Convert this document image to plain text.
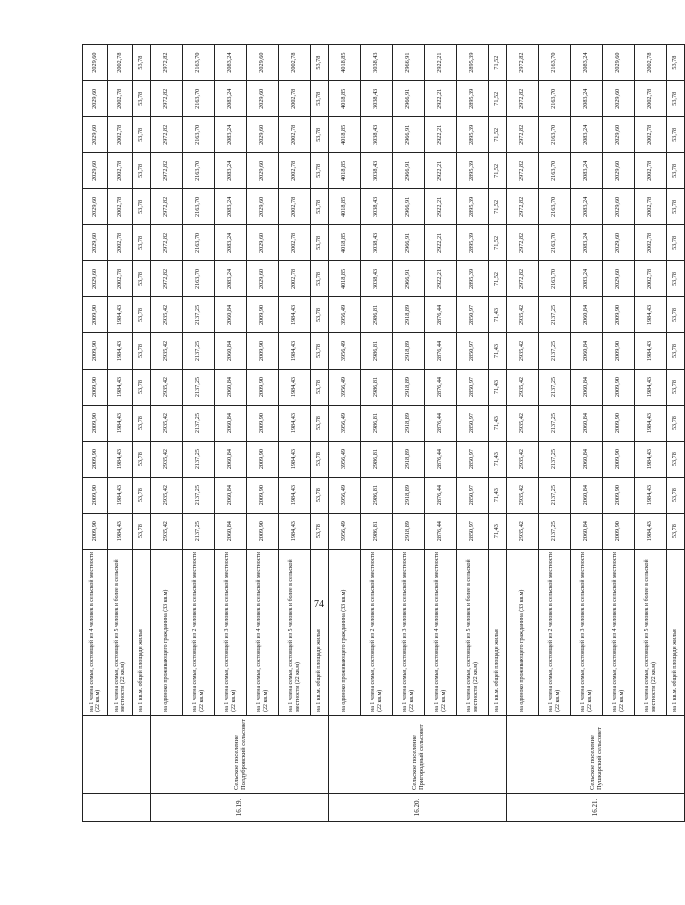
74
		на 1 члена семьи, состоящей из 4 человек в сельской местности (22 кв.м)	2009,90	2009,90	2009,90	2009,90	2009,90	2009,90	2009,90	2029,60	2029,60	2029,60	2029,60	2029,60	2029,60	2029,60
		на 1 члена семьи, состоящей из 5 человек и более в сельской местности (22 кв.м)	1984,43	1984,43	1984,43	1984,43	1984,43	1984,43	1984,43	2002,78	2002,78	2002,78	2002,78	2002,78	2002,78	2002,78
		на 1 кв.м. общей площади жилья	53,78	53,78	53,78	53,78	53,78	53,78	53,78	53,78	53,78	53,78	53,78	53,78	53,78	53,78
16.19.	Сельское поселение Полдубровский сельсовет	на одиноко проживающего гражданина (33 кв.м)	2935,42	2935,42	2935,42	2935,42	2935,42	2935,42	2935,42	2972,82	2972,82	2972,82	2972,82	2972,82	2972,82	2972,82
		на 1 члена семьи, состоящей из 2 человек в сельской местности (22 кв.м)	2137,25	2137,25	2137,25	2137,25	2137,25	2137,25	2137,25	2163,70	2163,70	2163,70	2163,70	2163,70	2163,70	2163,70
		на 1 члена семьи, состоящей из 3 человек в сельской местности (22 кв.м)	2060,84	2060,84	2060,84	2060,84	2060,84	2060,84	2060,84	2083,24	2083,24	2083,24	2083,24	2083,24	2083,24	2083,24
		на 1 члена семьи, состоящей из 4 человек в сельской местности (22 кв.м)	2009,90	2009,90	2009,90	2009,90	2009,90	2009,90	2009,90	2029,60	2029,60	2029,60	2029,60	2029,60	2029,60	2029,60
		на 1 члена семьи, состоящей из 5 человек и более в сельской местности (22 кв.м)	1984,43	1984,43	1984,43	1984,43	1984,43	1984,43	1984,43	2002,78	2002,78	2002,78	2002,78	2002,78	2002,78	2002,78
		на 1 кв.м. общей площади жилья	53,78	53,78	53,78	53,78	53,78	53,78	53,78	53,78	53,78	53,78	53,78	53,78	53,78	53,78
16.20.	Сельское поселение Пригородный сельсовет	на одиноко проживающего гражданина (33 кв.м)	3956,49	3956,49	3956,49	3956,49	3956,49	3956,49	3956,49	4018,85	4018,85	4018,85	4018,85	4018,85	4018,85	4018,85
		на 1 члена семьи, состоящей из 2 человек в сельской местности (22 кв.м)	2986,81	2986,81	2986,81	2986,81	2986,81	2986,81	2986,81	3038,43	3038,43	3038,43	3038,43	3038,43	3038,43	3038,43
		на 1 члена семьи, состоящей из 3 человек в сельской местности (22 кв.м)	2918,89	2918,89	2918,89	2918,89	2918,89	2918,89	2918,89	2966,91	2966,91	2966,91	2966,91	2966,91	2966,91	2966,91
		на 1 члена семьи, состоящей из 4 человек в сельской местности (22 кв.м)	2876,44	2876,44	2876,44	2876,44	2876,44	2876,44	2876,44	2922,21	2922,21	2922,21	2922,21	2922,21	2922,21	2922,21
		на 1 члена семьи, состоящей из 5 человек и более в сельской местности (22 кв.м)	2850,97	2850,97	2850,97	2850,97	2850,97	2850,97	2850,97	2895,39	2895,39	2895,39	2895,39	2895,39	2895,39	2895,39
		на 1 кв.м. общей площади жилья	71,43	71,43	71,43	71,43	71,43	71,43	71,43	71,52	71,52	71,52	71,52	71,52	71,52	71,52
16.21.	Сельское поселение Пушкарский сельсовет	на одиноко проживающего гражданина (33 кв.м)	2935,42	2935,42	2935,42	2935,42	2935,42	2935,42	2935,42	2972,82	2972,82	2972,82	2972,82	2972,82	2972,82	2972,82
		на 1 члена семьи, состоящей из 2 человек в сельской местности (22 кв.м)	2137,25	2137,25	2137,25	2137,25	2137,25	2137,25	2137,25	2163,70	2163,70	2163,70	2163,70	2163,70	2163,70	2163,70
		на 1 члена семьи, состоящей из 3 человек в сельской местности (22 кв.м)	2060,84	2060,84	2060,84	2060,84	2060,84	2060,84	2060,84	2083,24	2083,24	2083,24	2083,24	2083,24	2083,24	2083,24
		на 1 члена семьи, состоящей из 4 человек в сельской местности (22 кв.м)	2009,90	2009,90	2009,90	2009,90	2009,90	2009,90	2009,90	2029,60	2029,60	2029,60	2029,60	2029,60	2029,60	2029,60
		на 1 члена семьи, состоящей из 5 человек и более в сельской местности (22 кв.м)	1984,43	1984,43	1984,43	1984,43	1984,43	1984,43	1984,43	2002,78	2002,78	2002,78	2002,78	2002,78	2002,78	2002,78
		на 1 кв.м. общей площади жилья	53,78	53,78	53,78	53,78	53,78	53,78	53,78	53,78	53,78	53,78	53,78	53,78	53,78	53,78
